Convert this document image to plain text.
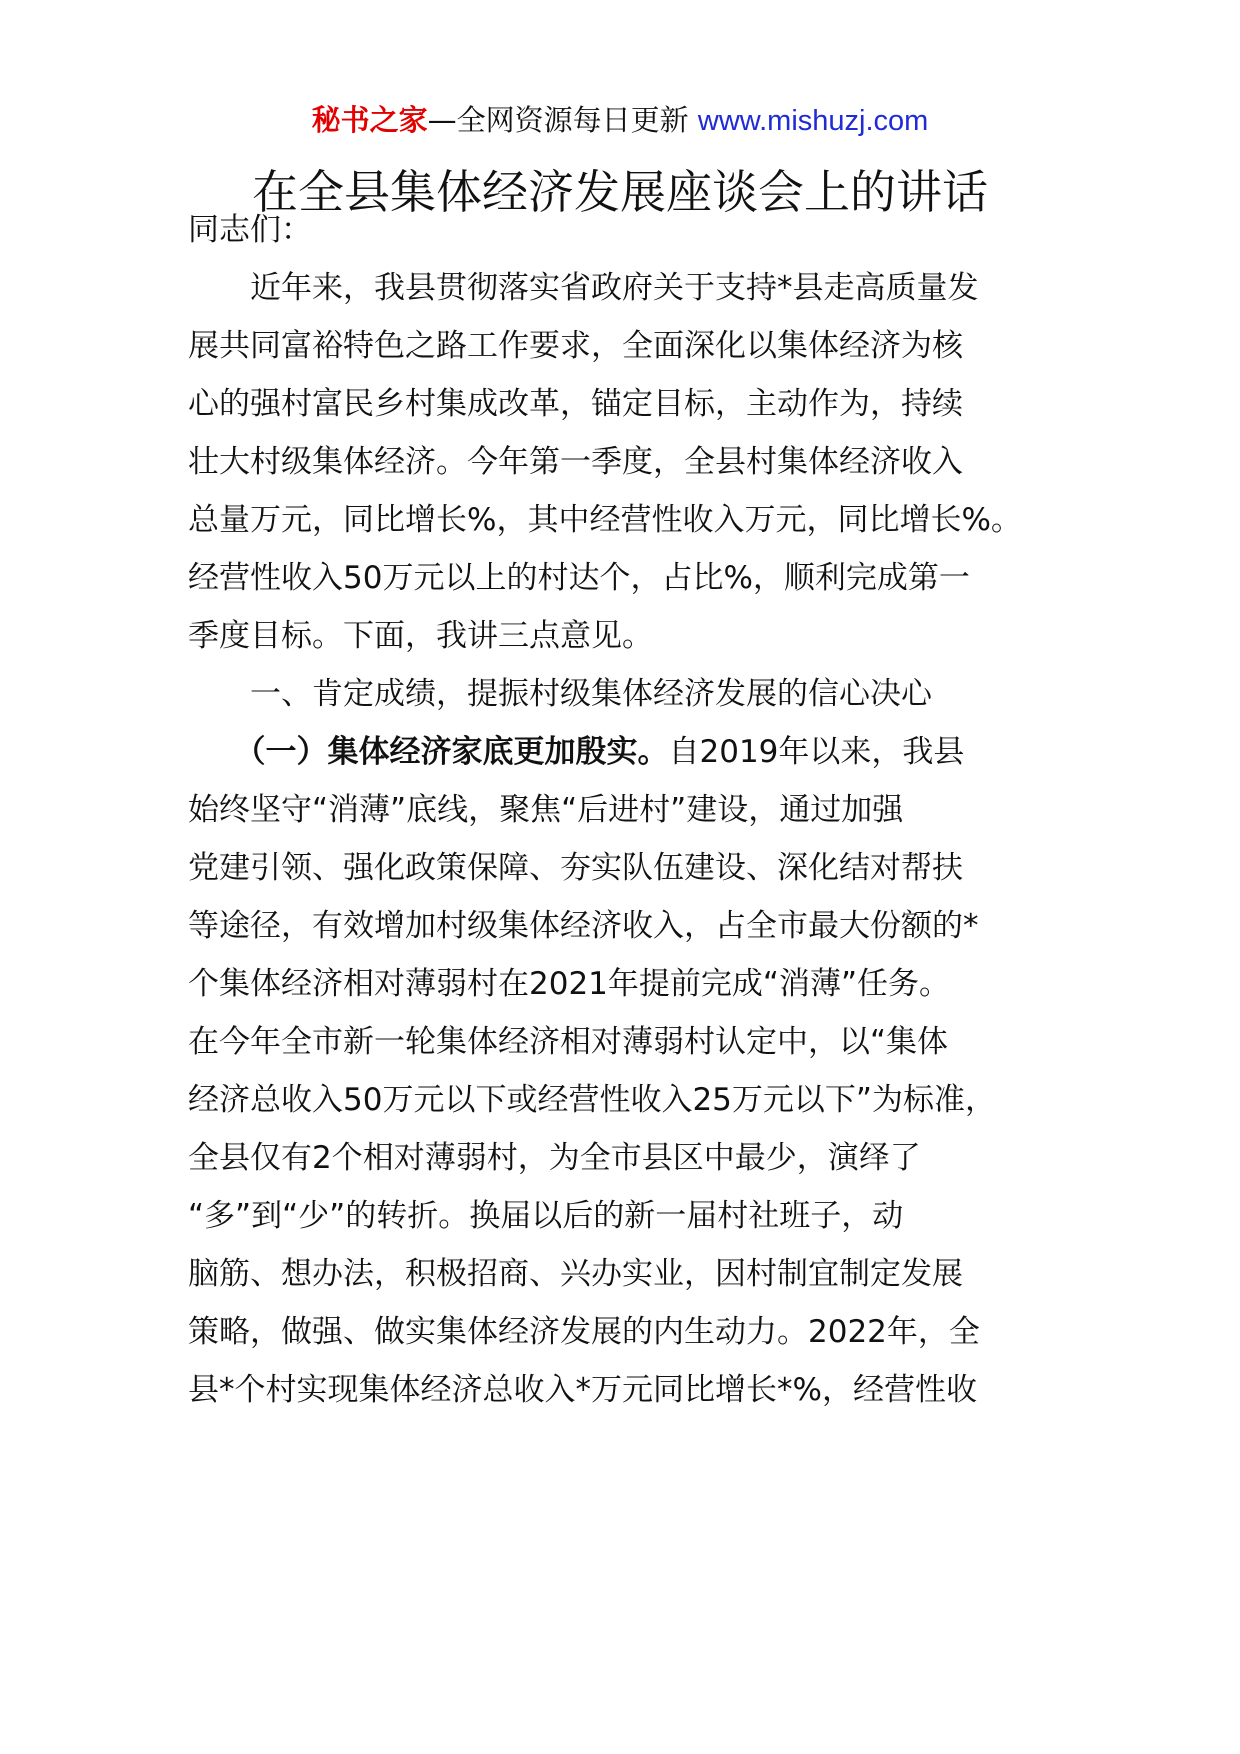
秘书之家—全网资源每日更新 www.mishuzj.com
在全县集体经济发展座谈会上的讲话
同志们：
　　近年来，我县贯彻落实省政府关于支持*县走高质量发
展共同富裕特色之路工作要求，全面深化以集体经济为核
心的强村富民乡村集成改革，锚定目标，主动作为，持续
壮大村级集体经济。今年第一季度，全县村集体经济收入
总量万元，同比增长%，其中经营性收入万元，同比增长%。
经营性收入50万元以上的村达个，占比%，顺利完成第一
季度目标。下面，我讲三点意见。
　　一、肯定成绩，提振村级集体经济发展的信心决心
　　（一）集体经济家底更加殷实。自2019年以来，我县
始终坚守“消薄”底线，聚焦“后进村”建设，通过加强
党建引领、强化政策保障、夯实队伍建设、深化结对帮扶
等途径，有效增加村级集体经济收入，占全市最大份额的*
个集体经济相对薄弱村在2021年提前完成“消薄”任务。
在今年全市新一轮集体经济相对薄弱村认定中，以“集体
经济总收入50万元以下或经营性收入25万元以下”为标准，
全县仅有2个相对薄弱村，为全市县区中最少，演绎了
“多”到“少”的转折。换届以后的新一届村社班子，动
脑筋、想办法，积极招商、兴办实业，因村制宜制定发展
策略，做强、做实集体经济发展的内生动力。2022年，全
县*个村实现集体经济总收入*万元同比增长*%，经营性收
